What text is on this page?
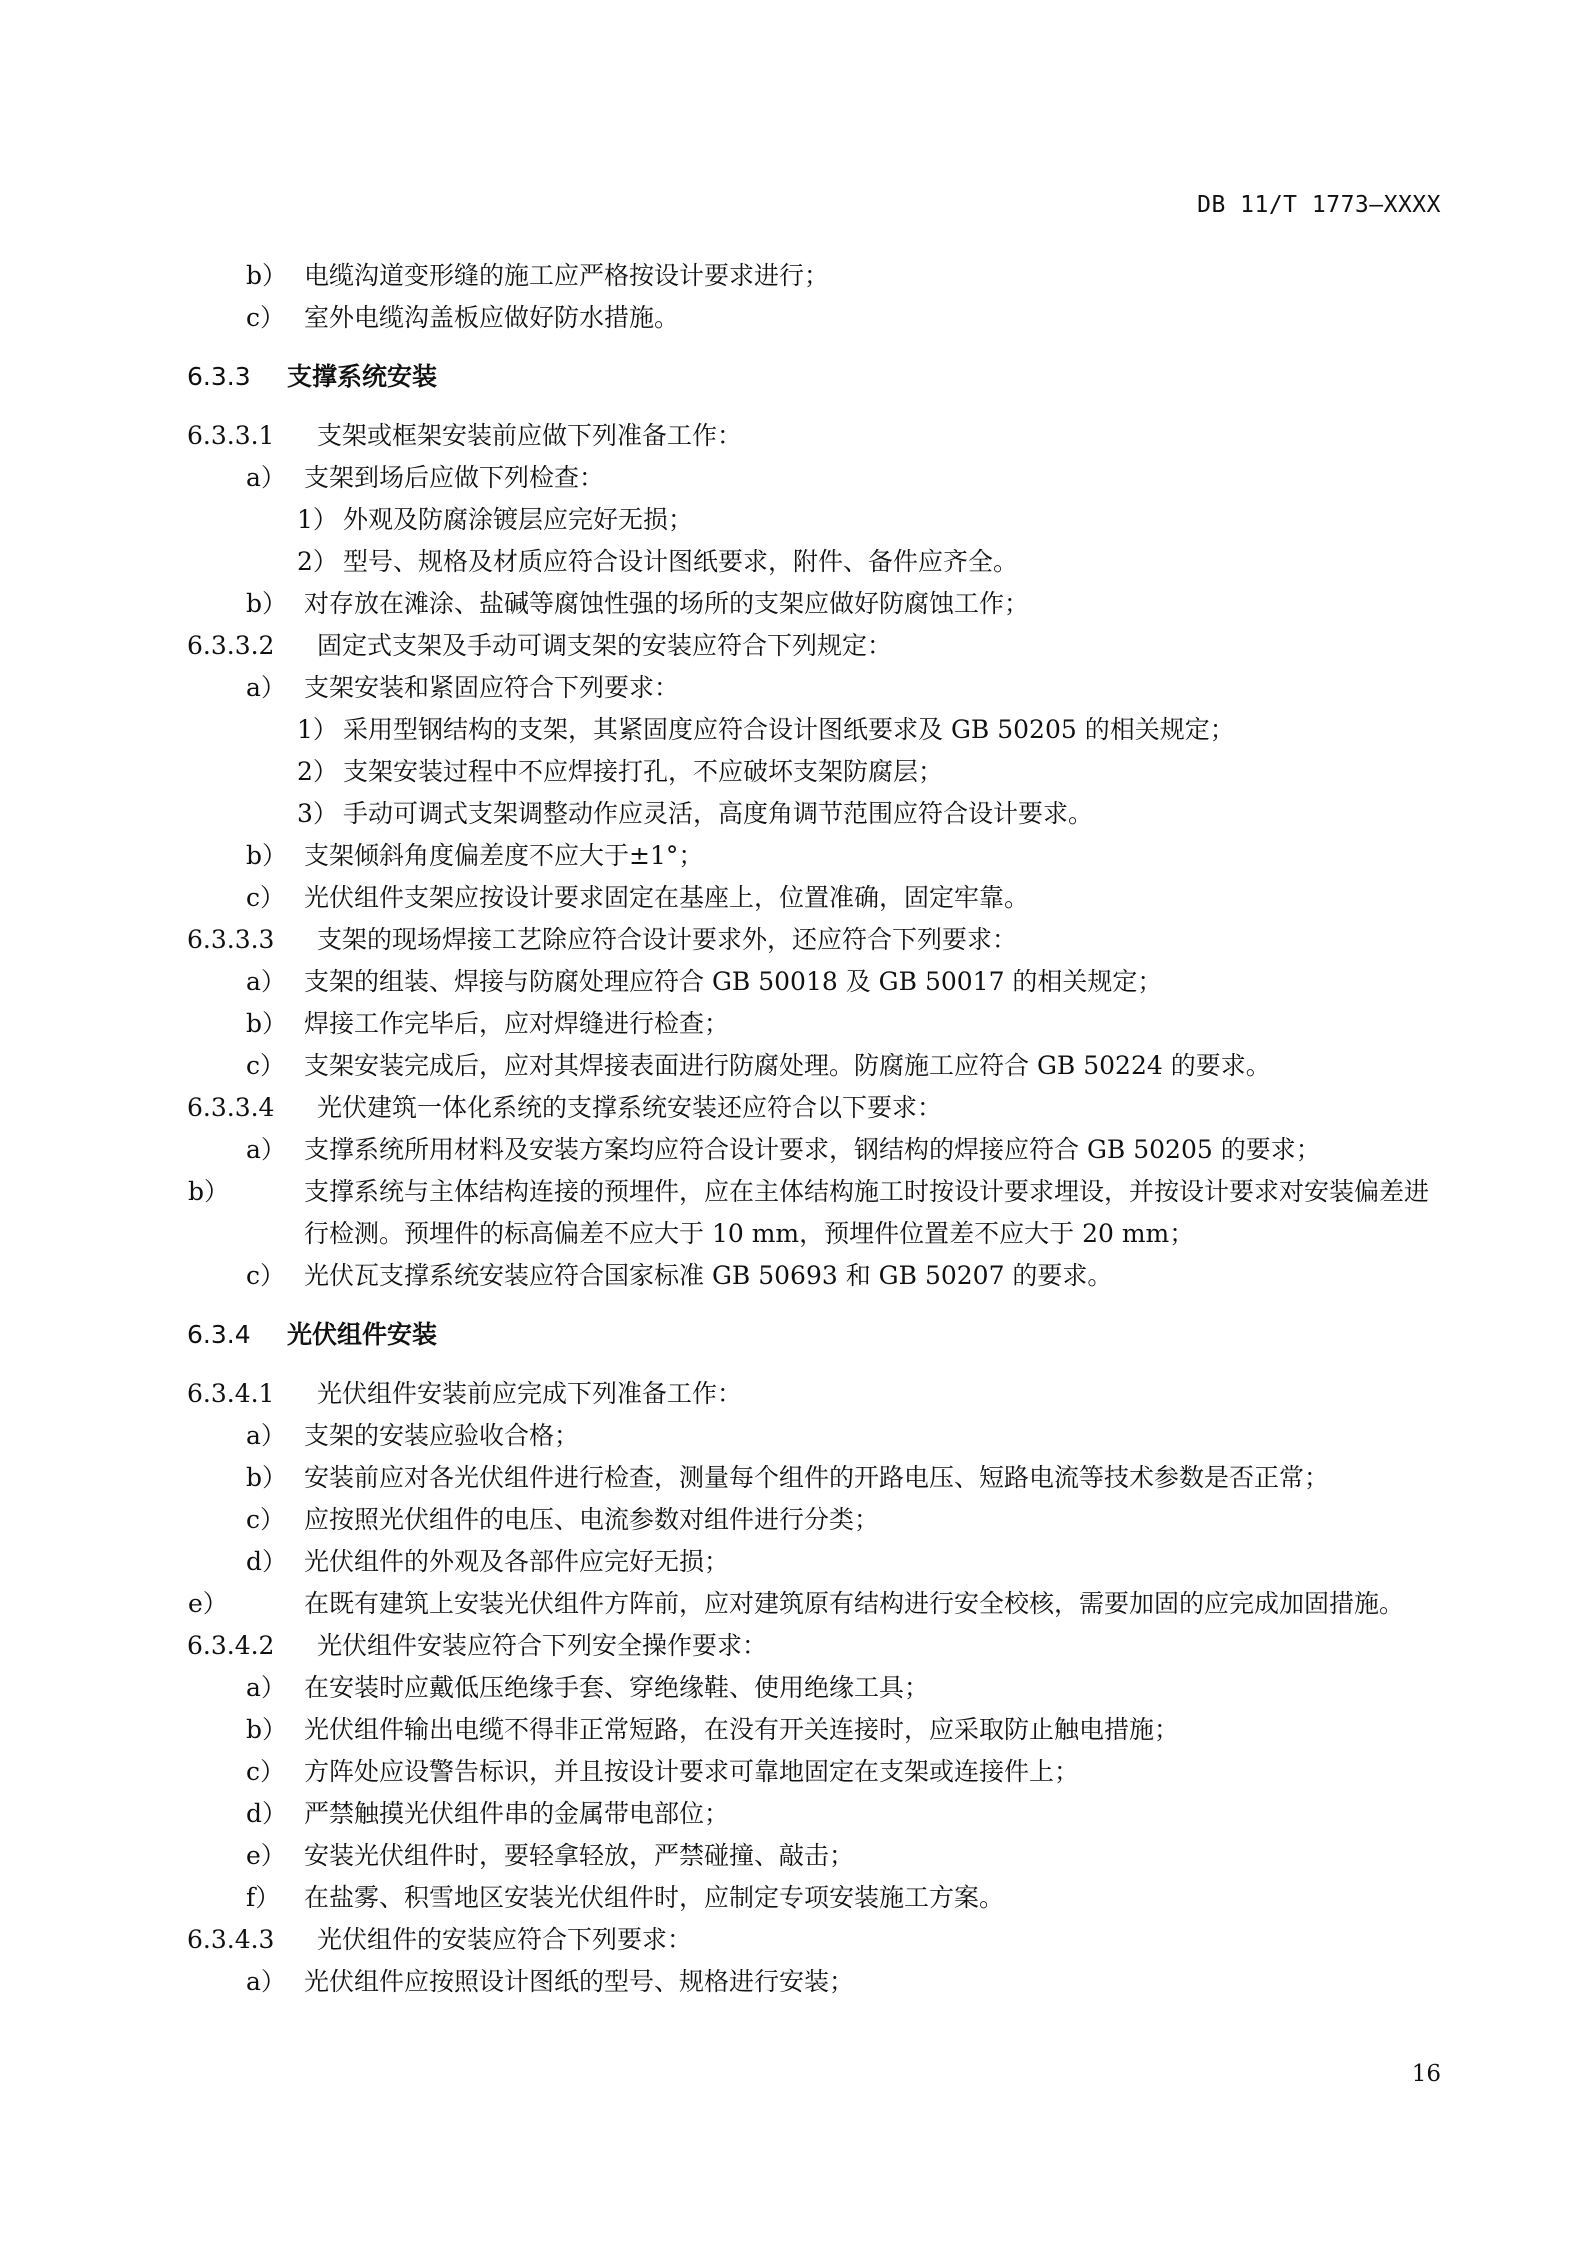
DB 11/T 1773—XXXX
b） 电缆沟道变形缝的施工应严格按设计要求进行；
c） 室外电缆沟盖板应做好防水措施。
6.3.3 支撑系统安装
6.3.3.1 支架或框架安装前应做下列准备工作：
a） 支架到场后应做下列检查：
1） 外观及防腐涂镀层应完好无损；
2） 型号、规格及材质应符合设计图纸要求，附件、备件应齐全。
b） 对存放在滩涂、盐碱等腐蚀性强的场所的支架应做好防腐蚀工作；
6.3.3.2 固定式支架及手动可调支架的安装应符合下列规定：
a） 支架安装和紧固应符合下列要求：
1） 采用型钢结构的支架，其紧固度应符合设计图纸要求及 GB 50205 的相关规定；
2） 支架安装过程中不应焊接打孔，不应破坏支架防腐层；
3） 手动可调式支架调整动作应灵活，高度角调节范围应符合设计要求。
b） 支架倾斜角度偏差度不应大于±1°；
c） 光伏组件支架应按设计要求固定在基座上，位置准确，固定牢靠。
6.3.3.3 支架的现场焊接工艺除应符合设计要求外，还应符合下列要求：
a） 支架的组装、焊接与防腐处理应符合 GB 50018 及 GB 50017 的相关规定；
b） 焊接工作完毕后，应对焊缝进行检查；
c） 支架安装完成后，应对其焊接表面进行防腐处理。防腐施工应符合 GB 50224 的要求。
6.3.3.4 光伏建筑一体化系统的支撑系统安装还应符合以下要求：
a） 支撑系统所用材料及安装方案均应符合设计要求，钢结构的焊接应符合 GB 50205 的要求；
b）	支撑系统与主体结构连接的预埋件，应在主体结构施工时按设计要求埋设，并按设计要求对安装偏差进行检测。预埋件的标高偏差不应大于 10 mm，预埋件位置差不应大于 20 mm；
c） 光伏瓦支撑系统安装应符合国家标准 GB 50693 和 GB 50207 的要求。
6.3.4 光伏组件安装
6.3.4.1 光伏组件安装前应完成下列准备工作：
a） 支架的安装应验收合格；
b） 安装前应对各光伏组件进行检查，测量每个组件的开路电压、短路电流等技术参数是否正常；
c） 应按照光伏组件的电压、电流参数对组件进行分类；
d） 光伏组件的外观及各部件应完好无损；
e）	在既有建筑上安装光伏组件方阵前，应对建筑原有结构进行安全校核，需要加固的应完成加固措施。
6.3.4.2 光伏组件安装应符合下列安全操作要求：
a） 在安装时应戴低压绝缘手套、穿绝缘鞋、使用绝缘工具；
b） 光伏组件输出电缆不得非正常短路，在没有开关连接时，应采取防止触电措施；
c） 方阵处应设警告标识，并且按设计要求可靠地固定在支架或连接件上；
d） 严禁触摸光伏组件串的金属带电部位；
e） 安装光伏组件时，要轻拿轻放，严禁碰撞、敲击；
f） 在盐雾、积雪地区安装光伏组件时，应制定专项安装施工方案。
6.3.4.3 光伏组件的安装应符合下列要求：
a） 光伏组件应按照设计图纸的型号、规格进行安装；
16
